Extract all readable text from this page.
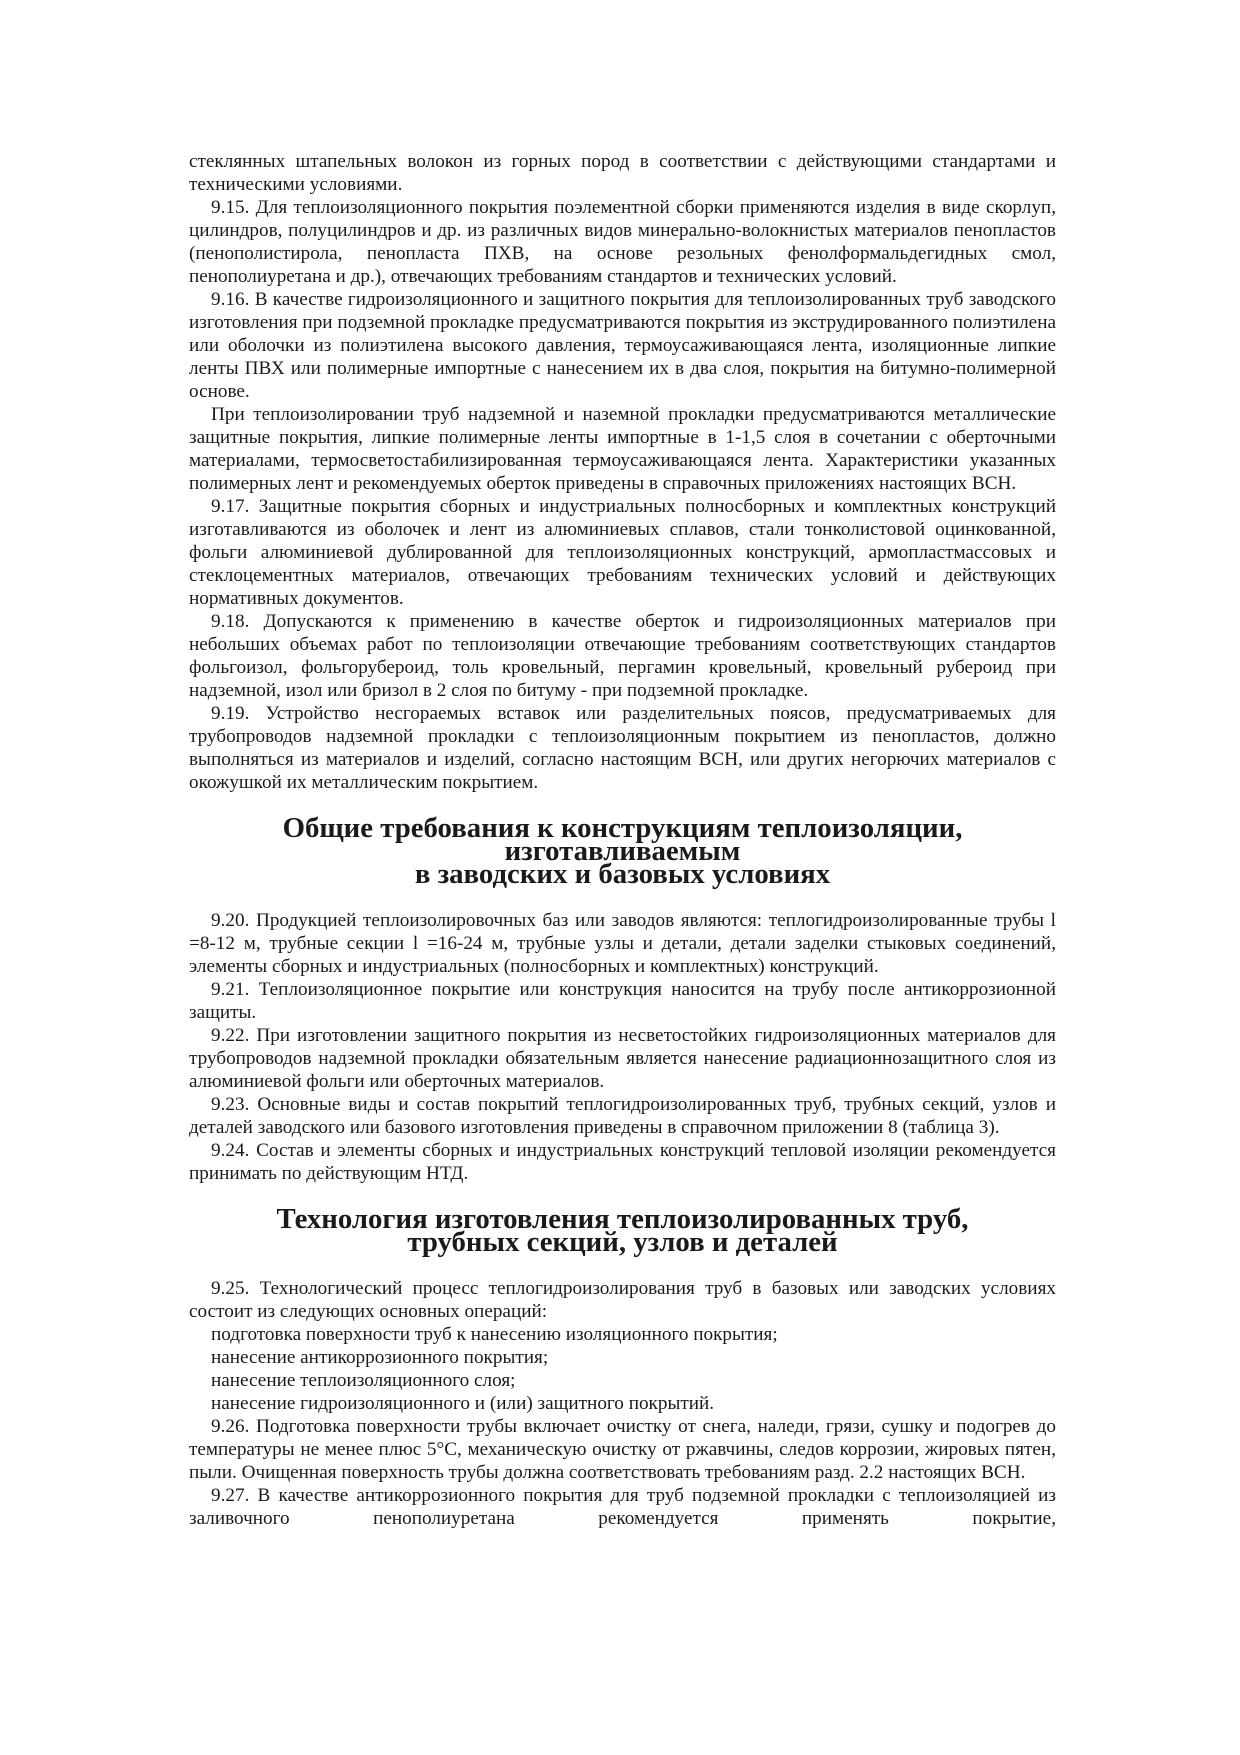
стеклянных штапельных волокон из горных пород в соответствии с действующими стандартами и техническими условиями.

9.15. Для теплоизоляционного покрытия поэлементной сборки применяются изделия в виде скорлуп, цилиндров, полуцилиндров и др. из различных видов минерально-волокнистых материалов пенопластов (пенополистирола, пенопласта ПХВ, на основе резольных фенолформальдегидных смол, пенополиуретана и др.), отвечающих требованиям стандартов и технических условий.

9.16. В качестве гидроизоляционного и защитного покрытия для теплоизолированных труб заводского изготовления при подземной прокладке предусматриваются покрытия из экструдированного полиэтилена или оболочки из полиэтилена высокого давления, термоусаживающаяся лента, изоляционные липкие ленты ПВХ или полимерные импортные с нанесением их в два слоя, покрытия на битумно-полимерной основе.

При теплоизолировании труб надземной и наземной прокладки предусматриваются металлические защитные покрытия, липкие полимерные ленты импортные в 1-1,5 слоя в сочетании с оберточными материалами, термосветостабилизированная термоусаживающаяся лента. Характеристики указанных полимерных лент и рекомендуемых оберток приведены в справочных приложениях настоящих ВСН.

9.17. Защитные покрытия сборных и индустриальных полносборных и комплектных конструкций изготавливаются из оболочек и лент из алюминиевых сплавов, стали тонколистовой оцинкованной, фольги алюминиевой дублированной для теплоизоляционных конструкций, армопластмассовых и стеклоцементных материалов, отвечающих требованиям технических условий и действующих нормативных документов.

9.18. Допускаются к применению в качестве оберток и гидроизоляционных материалов при небольших объемах работ по теплоизоляции отвечающие требованиям соответствующих стандартов фольгоизол, фольгорубероид, толь кровельный, пергамин кровельный, кровельный рубероид при надземной, изол или бризол в 2 слоя по битуму - при подземной прокладке.

9.19. Устройство несгораемых вставок или разделительных поясов, предусматриваемых для трубопроводов надземной прокладки с теплоизоляционным покрытием из пенопластов, должно выполняться из материалов и изделий, согласно настоящим ВСН, или других негорючих материалов с окожушкой их металлическим покрытием.

Общие требования к конструкциям теплоизоляции, изготавливаемым
в заводских и базовых условиях

9.20. Продукцией теплоизолировочных баз или заводов являются: теплогидроизолированные трубы l =8-12 м, трубные секции l =16-24 м, трубные узлы и детали, детали заделки стыковых соединений, элементы сборных и индустриальных (полносборных и комплектных) конструкций.

9.21. Теплоизоляционное покрытие или конструкция наносится на трубу после антикоррозионной защиты.

9.22. При изготовлении защитного покрытия из несветостойких гидроизоляционных материалов для трубопроводов надземной прокладки обязательным является нанесение радиационнозащитного слоя из алюминиевой фольги или оберточных материалов.

9.23. Основные виды и состав покрытий теплогидроизолированных труб, трубных секций, узлов и деталей заводского или базового изготовления приведены в справочном приложении 8 (таблица 3).

9.24. Состав и элементы сборных и индустриальных конструкций тепловой изоляции рекомендуется принимать по действующим НТД.

Технология изготовления теплоизолированных труб,
трубных секций, узлов и деталей

9.25. Технологический процесс теплогидроизолирования труб в базовых или заводских условиях состоит из следующих основных операций:

подготовка поверхности труб к нанесению изоляционного покрытия;

нанесение антикоррозионного покрытия;

нанесение теплоизоляционного слоя;

нанесение гидроизоляционного и (или) защитного покрытий.

9.26. Подготовка поверхности трубы включает очистку от снега, наледи, грязи, сушку и подогрев до температуры не менее плюс 5°С, механическую очистку от ржавчины, следов коррозии, жировых пятен, пыли. Очищенная поверхность трубы должна соответствовать требованиям разд. 2.2 настоящих ВСН.

9.27. В качестве антикоррозионного покрытия для труб подземной прокладки с теплоизоляцией из заливочного пенополиуретана рекомендуется применять покрытие,
